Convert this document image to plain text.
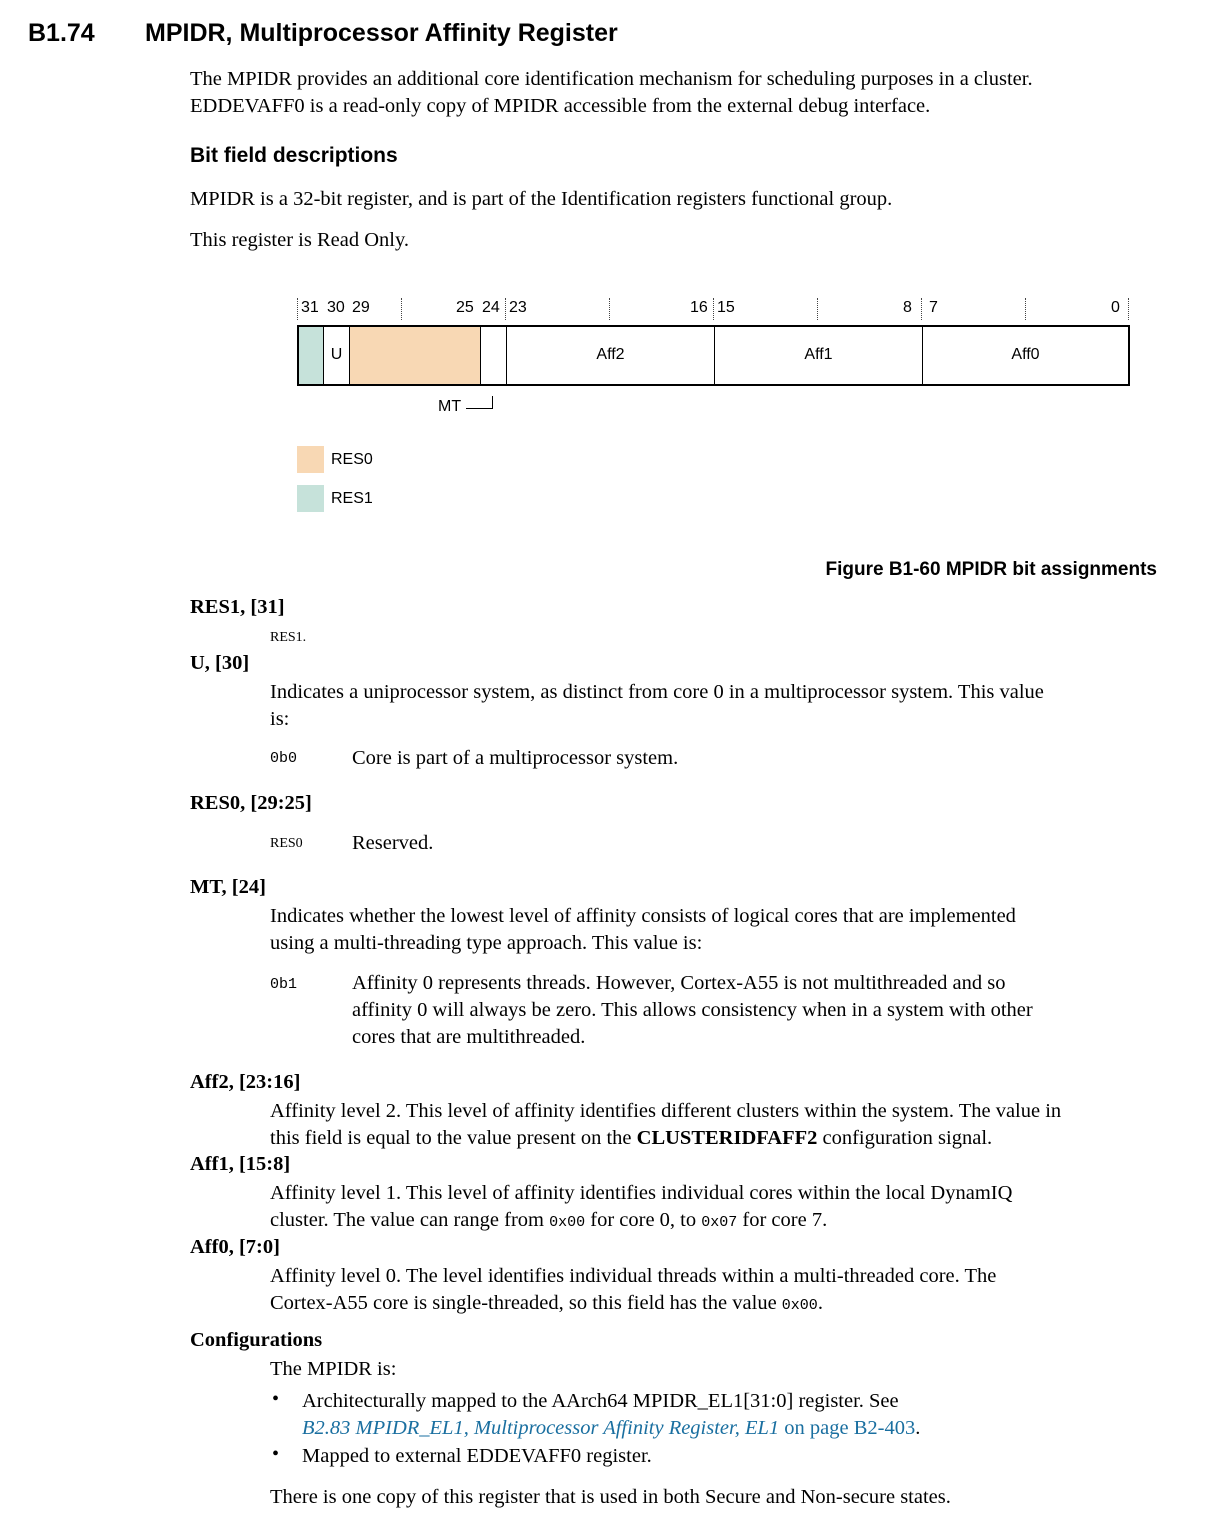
B1.74 MPIDR, Multiprocessor Affinity Register
The MPIDR provides an additional core identification mechanism for scheduling purposes in a cluster.
EDDEVAFF0 is a read-only copy of MPIDR accessible from the external debug interface.
Bit field descriptions
MPIDR is a 32-bit register, and is part of the Identification registers functional group.
This register is Read Only.
31 30 29	25 24 23	16 15	8 7	0
U	Aff2	Aff1	Aff0
MT
RES0
RES1
Figure B1-60 MPIDR bit assignments
RES1, [31]
RES1.
U, [30]
Indicates a uniprocessor system, as distinct from core 0 in a multiprocessor system. This value
is:
0b0	Core is part of a multiprocessor system.
RES0, [29:25]
RES0 Reserved.
MT, [24]
Indicates whether the lowest level of affinity consists of logical cores that are implemented
using a multi-threading type approach. This value is:
0b1	Affinity 0 represents threads. However, Cortex-A55 is not multithreaded and so
affinity 0 will always be zero. This allows consistency when in a system with other
cores that are multithreaded.
Aff2, [23:16]
Affinity level 2. This level of affinity identifies different clusters within the system. The value in
this field is equal to the value present on the CLUSTERIDFAFF2 configuration signal.
Aff1, [15:8]
Affinity level 1. This level of affinity identifies individual cores within the local DynamIQ
cluster. The value can range from 0x00 for core 0, to 0x07 for core 7.
Aff0, [7:0]
Affinity level 0. The level identifies individual threads within a multi-threaded core. The
Cortex-A55 core is single-threaded, so this field has the value 0x00.
Configurations
The MPIDR is:
• Architecturally mapped to the AArch64 MPIDR_EL1[31:0] register. See
B2.83 MPIDR_EL1, Multiprocessor Affinity Register, EL1 on page B2-403.
• Mapped to external EDDEVAFF0 register.
There is one copy of this register that is used in both Secure and Non-secure states.
